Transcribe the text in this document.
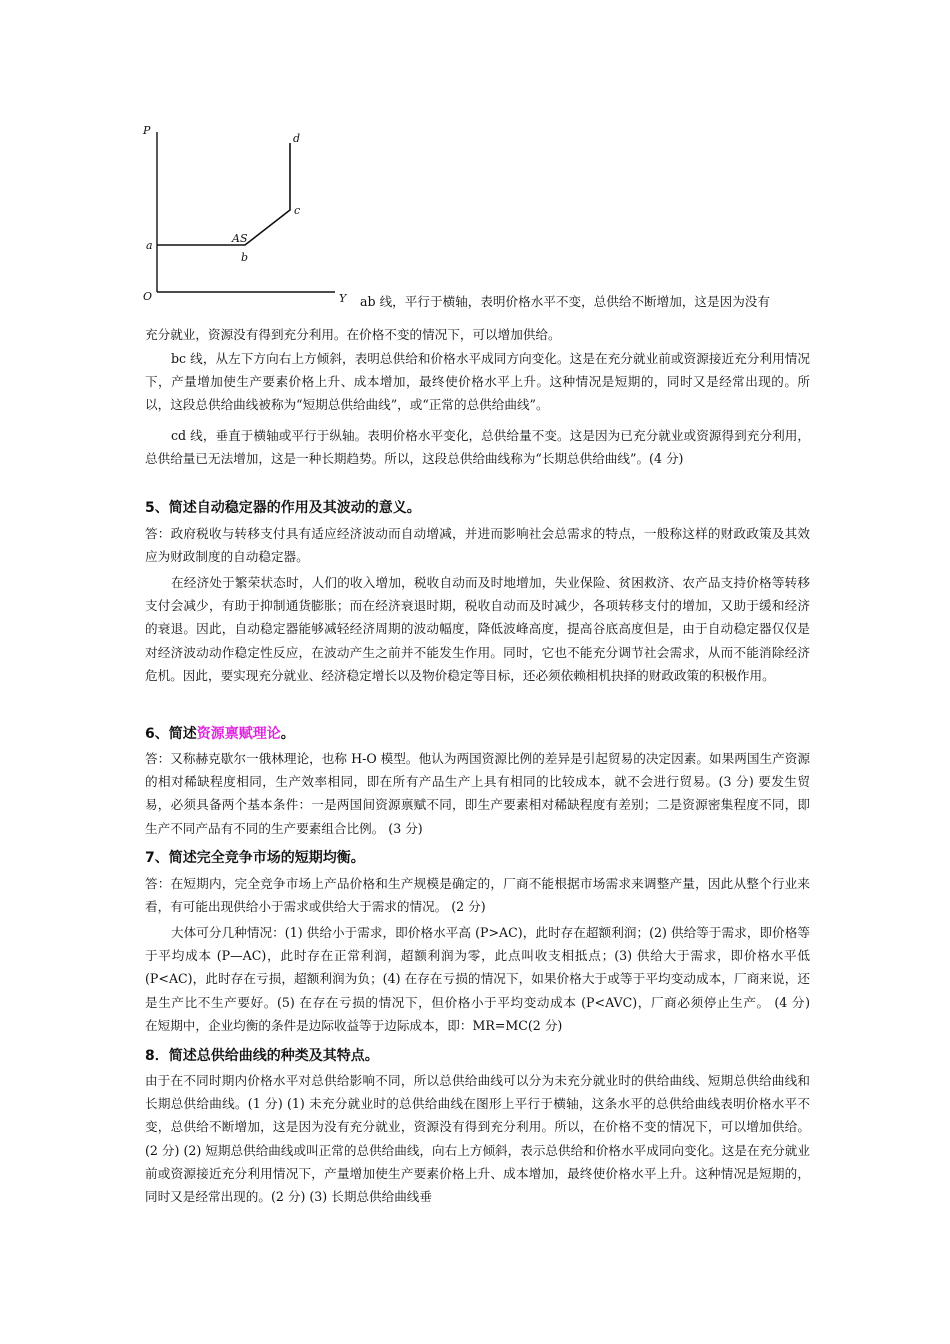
P
O	Y
a
b
c
d
AS
ab 线，平行于横轴，表明价格水平不变，总供给不断增加，这是因为没有
充分就业，资源没有得到充分利用。在价格不变的情况下，可以增加供给。
bc 线，从左下方向右上方倾斜，表明总供给和价格水平成同方向变化。这是在充分就业前或资源接近充分利用情况下，产量增加使生产要素价格上升、成本增加，最终使价格水平上升。这种情况是短期的，同时又是经常出现的。所以，这段总供给曲线被称为“短期总供给曲线”，或“正常的总供给曲线”。
cd 线，垂直于横轴或平行于纵轴。表明价格水平变化，总供给量不变。这是因为已充分就业或资源得到充分利用，总供给量已无法增加，这是一种长期趋势。所以，这段总供给曲线称为“长期总供给曲线”。(4 分)
5、简述自动稳定器的作用及其波动的意义。
答：政府税收与转移支付具有适应经济波动而自动增减，并进而影响社会总需求的特点，一般称这样的财政政策及其效应为财政制度的自动稳定器。
在经济处于繁荣状态时，人们的收入增加，税收自动而及时地增加，失业保险、贫困救济、农产品支持价格等转移支付会减少，有助于抑制通货膨胀；而在经济衰退时期，税收自动而及时减少，各项转移支付的增加，又助于缓和经济的衰退。因此，自动稳定器能够减轻经济周期的波动幅度，降低波峰高度，提高谷底高度但是，由于自动稳定器仅仅是对经济波动动作稳定性反应，在波动产生之前并不能发生作用。同时，它也不能充分调节社会需求，从而不能消除经济危机。因此，要实现充分就业、经济稳定增长以及物价稳定等目标，还必须依赖相机抉择的财政政策的积极作用。
6、简述资源禀赋理论。
答：又称赫克歇尔一俄林理论，也称 H-O 模型。他认为两国资源比例的差异是引起贸易的决定因素。如果两国生产资源的相对稀缺程度相同，生产效率相同，即在所有产品生产上具有相同的比较成本，就不会进行贸易。(3 分) 要发生贸易，必须具备两个基本条件：一是两国间资源禀赋不同，即生产要素相对稀缺程度有差别；二是资源密集程度不同，即生产不同产品有不同的生产要素组合比例。 (3 分)
7、简述完全竞争市场的短期均衡。
答：在短期内，完全竞争市场上产品价格和生产规模是确定的，厂商不能根据市场需求来调整产量，因此从整个行业来看，有可能出现供给小于需求或供给大于需求的情况。 (2 分)
大体可分几种情况：(1) 供给小于需求，即价格水平高 (P>AC)，此时存在超额利润；(2) 供给等于需求，即价格等于平均成本 (P—AC)，此时存在正常利润，超额利润为零，此点叫收支相抵点；(3) 供给大于需求，即价格水平低 (P<AC)，此时存在亏损，超额利润为负；(4) 在存在亏损的情况下，如果价格大于或等于平均变动成本，厂商来说，还是生产比不生产要好。(5) 在存在亏损的情况下，但价格小于平均变动成本 (P<AVC)，厂商必须停止生产。 (4 分)　　　在短期中，企业均衡的条件是边际收益等于边际成本，即：MR=MC(2 分)
8．简述总供给曲线的种类及其特点。
由于在不同时期内价格水平对总供给影响不同，所以总供给曲线可以分为未充分就业时的供给曲线、短期总供给曲线和长期总供给曲线。(1 分) (1) 未充分就业时的总供给曲线在图形上平行于横轴，这条水平的总供给曲线表明价格水平不变，总供给不断增加，这是因为没有充分就业，资源没有得到充分利用。所以，在价格不变的情况下，可以增加供给。(2 分) (2) 短期总供给曲线或叫正常的总供给曲线，向右上方倾斜，表示总供给和价格水平成同向变化。这是在充分就业前或资源接近充分利用情况下，产量增加使生产要素价格上升、成本增加，最终使价格水平上升。这种情况是短期的，同时又是经常出现的。(2 分) (3) 长期总供给曲线垂
